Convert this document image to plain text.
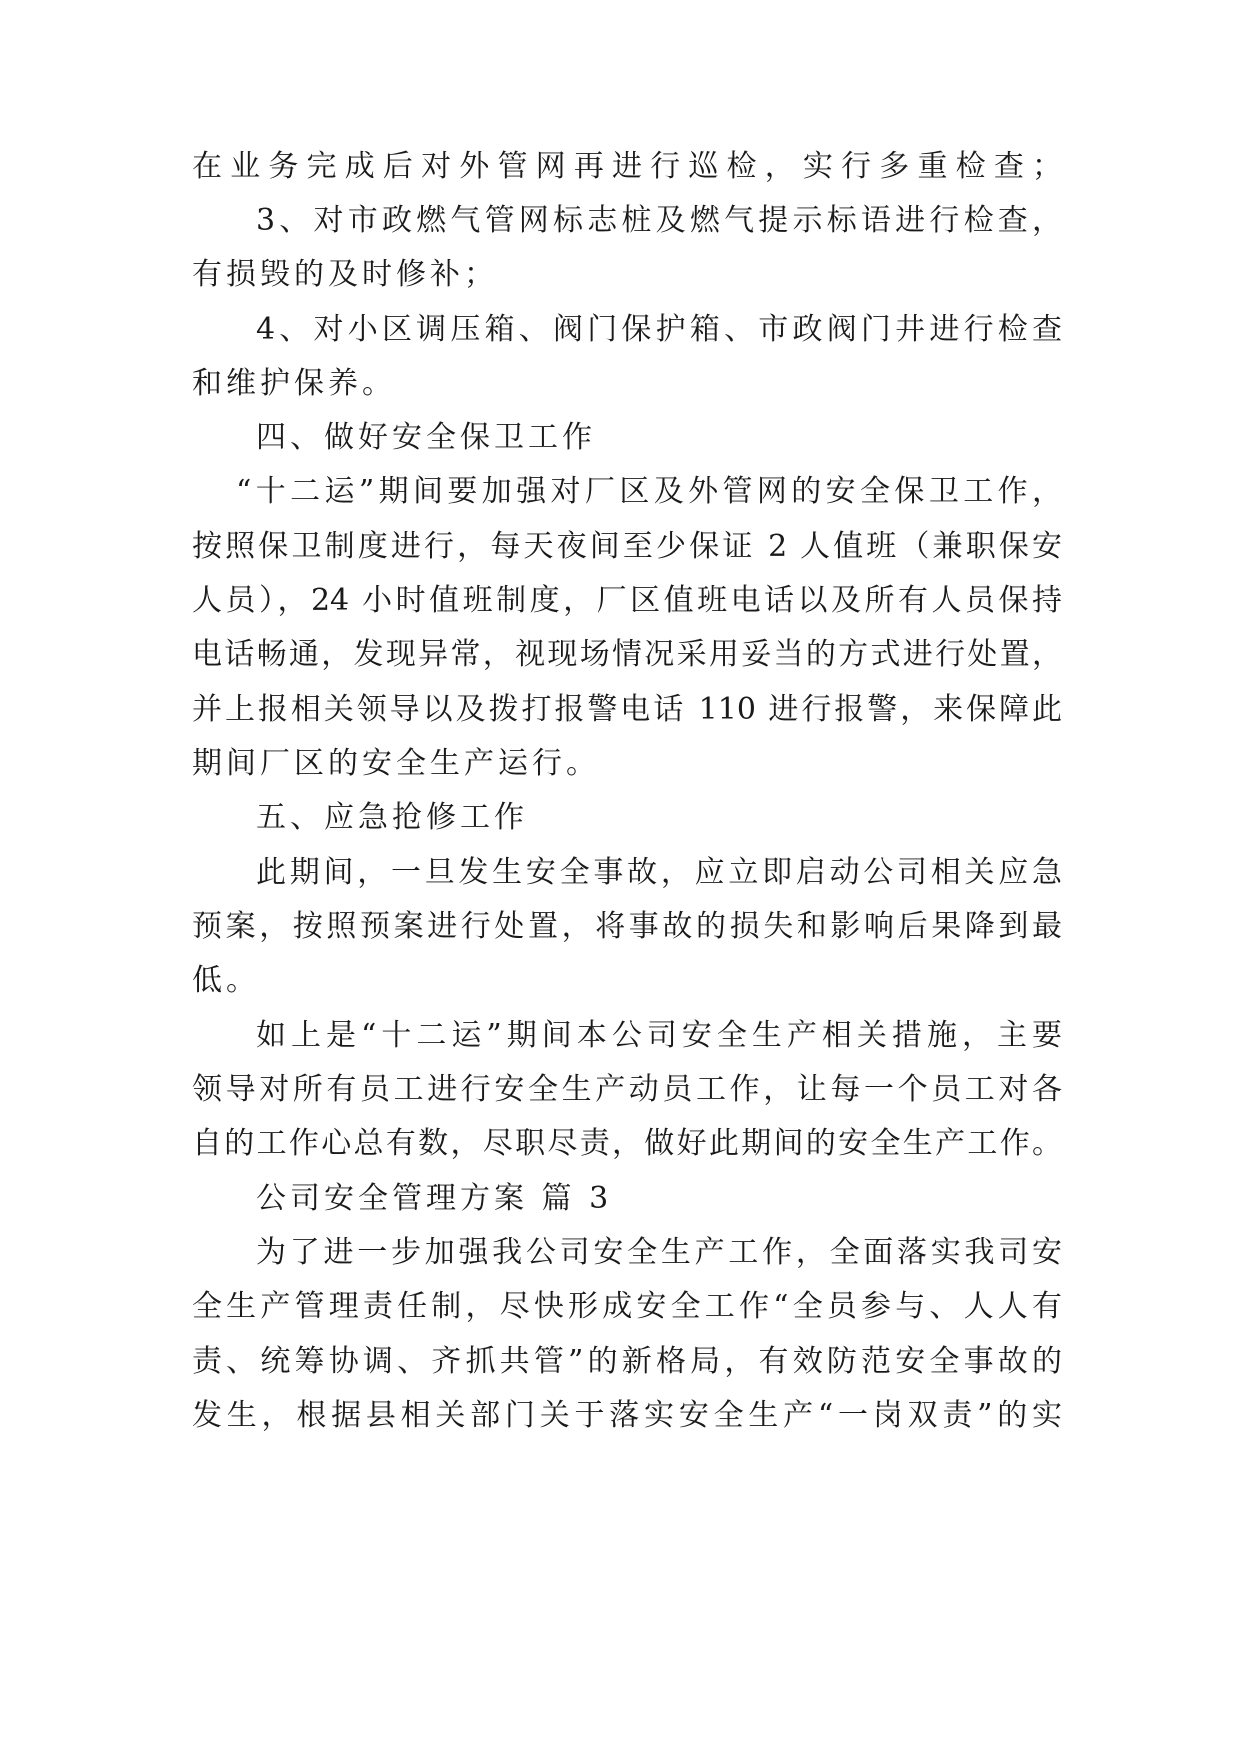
在业务完成后对外管网再进行巡检，实行多重检查；
3、对市政燃气管网标志桩及燃气提示标语进行检查，
有损毁的及时修补；
4、对小区调压箱、阀门保护箱、市政阀门井进行检查
和维护保养。
四、做好安全保卫工作
“十二运”期间要加强对厂区及外管网的安全保卫工作，
按照保卫制度进行，每天夜间至少保证 2 人值班（兼职保安
人员），24 小时值班制度，厂区值班电话以及所有人员保持
电话畅通，发现异常，视现场情况采用妥当的方式进行处置，
并上报相关领导以及拨打报警电话 110 进行报警，来保障此
期间厂区的安全生产运行。
五、应急抢修工作
此期间，一旦发生安全事故，应立即启动公司相关应急
预案，按照预案进行处置，将事故的损失和影响后果降到最
低。
如上是“十二运”期间本公司安全生产相关措施，主要
领导对所有员工进行安全生产动员工作，让每一个员工对各
自的工作心总有数，尽职尽责，做好此期间的安全生产工作。
公司安全管理方案 篇 3
为了进一步加强我公司安全生产工作，全面落实我司安
全生产管理责任制，尽快形成安全工作“全员参与、人人有
责、统筹协调、齐抓共管”的新格局，有效防范安全事故的
发生，根据县相关部门关于落实安全生产“一岗双责”的实
